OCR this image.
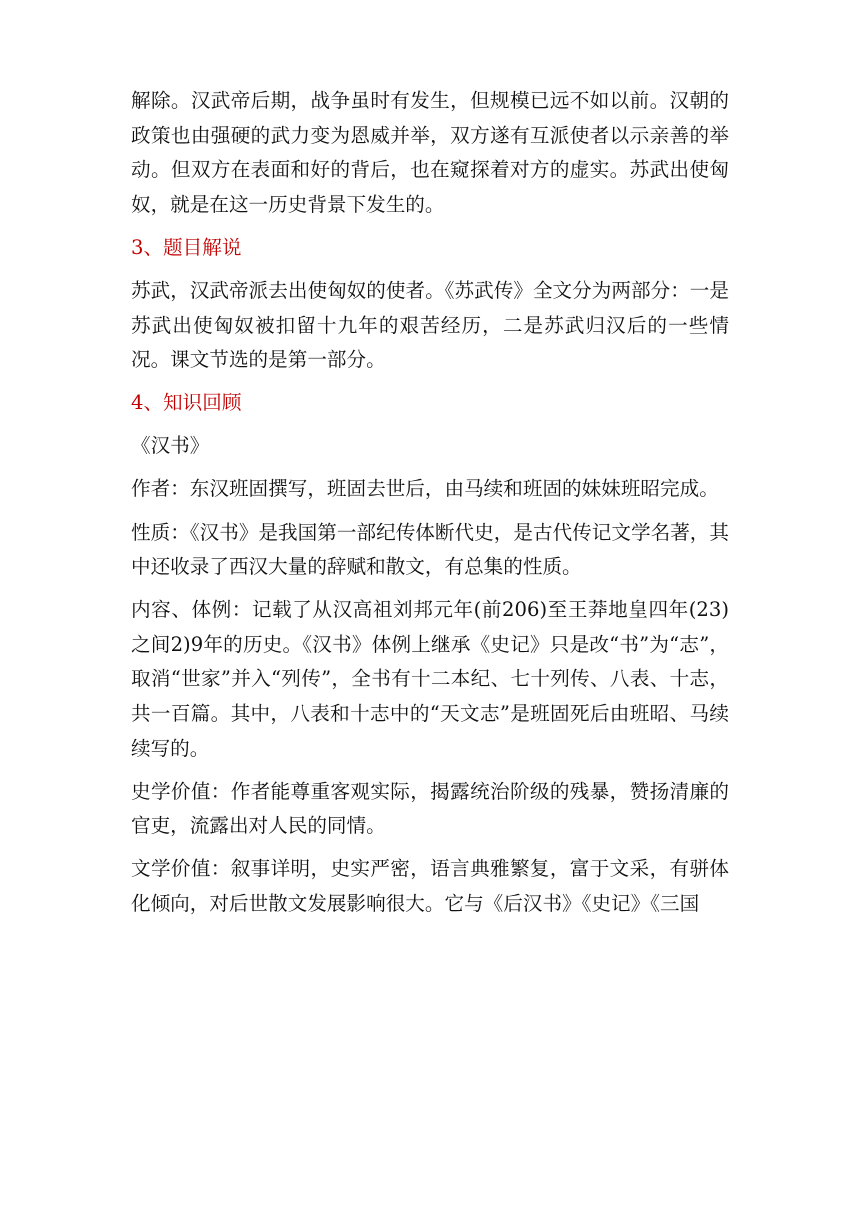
解除。汉武帝后期，战争虽时有发生，但规模已远不如以前。汉朝的政策也由强硬的武力变为恩威并举，双方遂有互派使者以示亲善的举动。但双方在表面和好的背后，也在窥探着对方的虚实。苏武出使匈奴，就是在这一历史背景下发生的。

3、题目解说

苏武，汉武帝派去出使匈奴的使者。《苏武传》全文分为两部分：一是苏武出使匈奴被扣留十九年的艰苦经历，二是苏武归汉后的一些情况。课文节选的是第一部分。

4、知识回顾

《汉书》

作者：东汉班固撰写，班固去世后，由马续和班固的妹妹班昭完成。

性质：《汉书》是我国第一部纪传体断代史，是古代传记文学名著，其中还收录了西汉大量的辞赋和散文，有总集的性质。

内容、体例：记载了从汉高祖刘邦元年(前206)至王莽地皇四年(23)之间2)9年的历史。《汉书》体例上继承《史记》只是改“书”为“志”，取消“世家”并入“列传”，全书有十二本纪、七十列传、八表、十志，共一百篇。其中，八表和十志中的“天文志”是班固死后由班昭、马续续写的。

史学价值：作者能尊重客观实际，揭露统治阶级的残暴，赞扬清廉的官吏，流露出对人民的同情。

文学价值：叙事详明，史实严密，语言典雅繁复，富于文采，有骈体化倾向，对后世散文发展影响很大。它与《后汉书》《史记》《三国
